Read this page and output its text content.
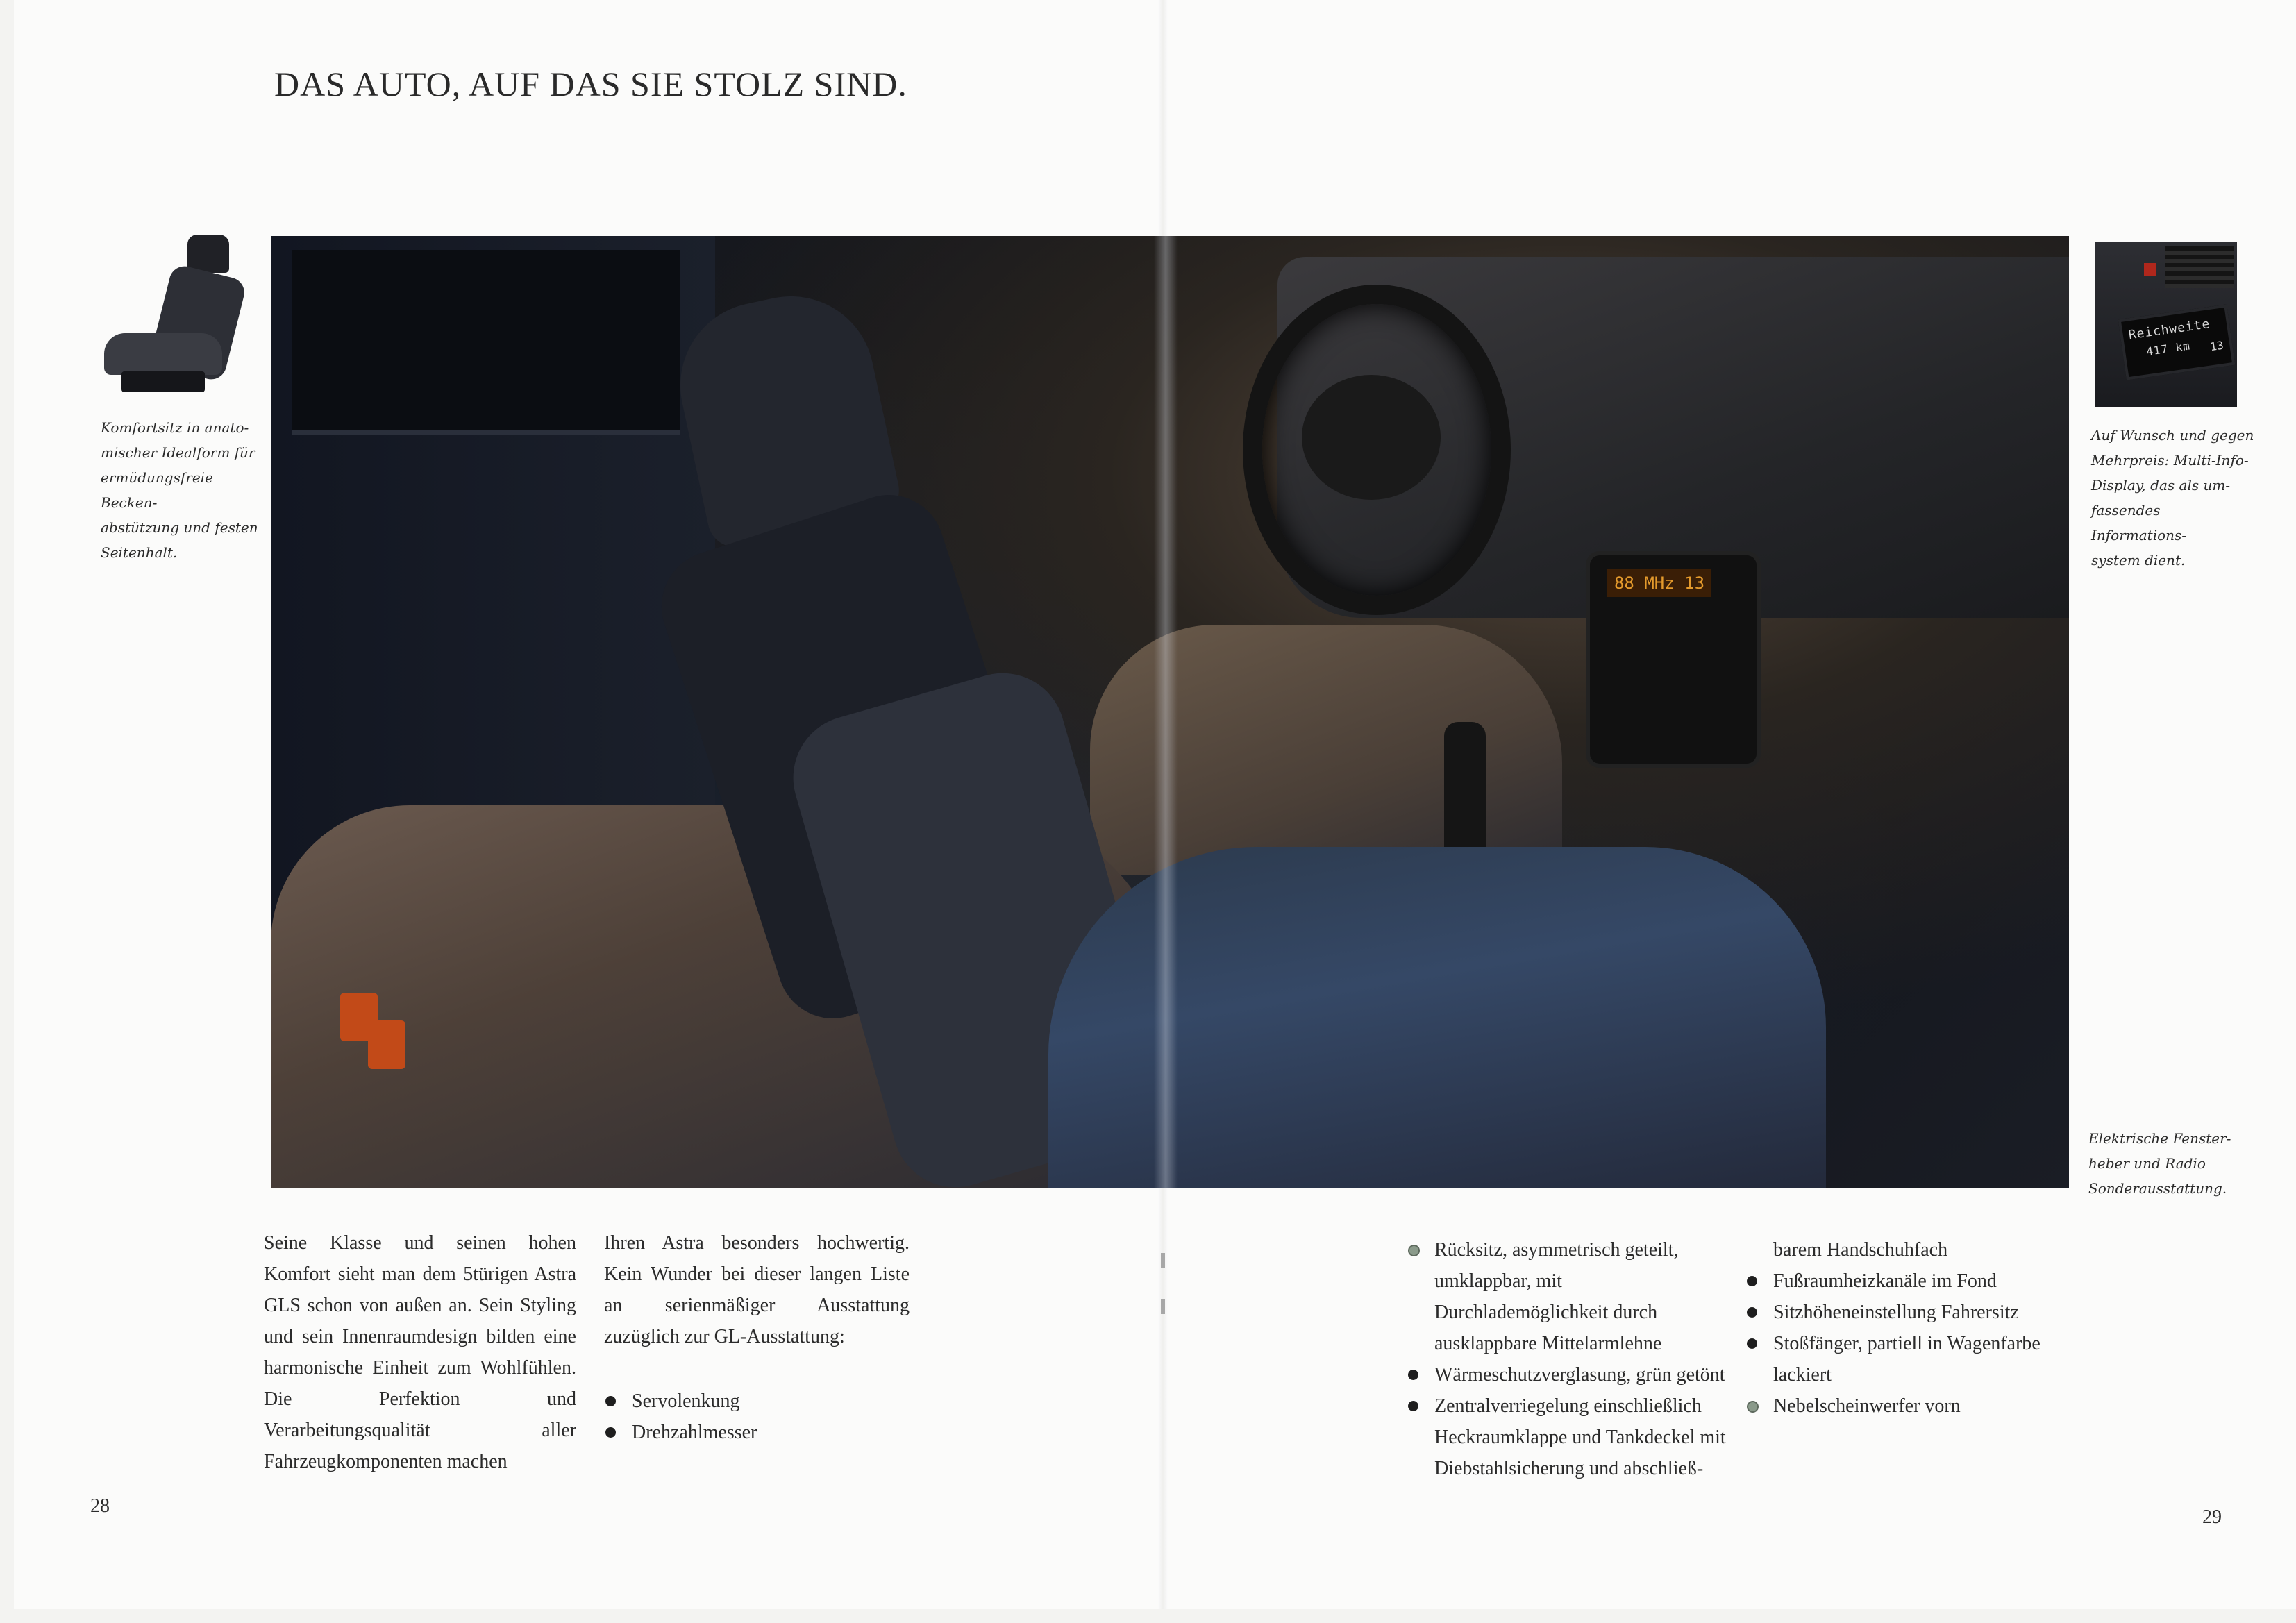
DAS AUTO, AUF DAS SIE STOLZ SIND.
Komfortsitz in anato-
mischer Idealform für
ermüdungsfreie Becken-
abstützung und festen
Seitenhalt.
88 MHz 13
Reichweite
417 km 13
Auf Wunsch und gegen
Mehrpreis: Multi-Info-
Display, das als um-
fassendes Informations-
system dient.
Elektrische Fenster-
heber und Radio
Sonderausstattung.
Seine Klasse und seinen hohen Komfort sieht man dem 5türigen Astra GLS schon von außen an. Sein Styling und sein Innenraumdesign bilden eine harmonische Einheit zum Wohlfühlen. Die Perfektion und Verarbeitungsqualität aller Fahrzeugkomponenten machen
Ihren Astra besonders hochwertig. Kein Wunder bei dieser langen Liste an serienmäßiger Ausstattung zuzüglich zur GL-Ausstattung:
Servolenkung
Drehzahlmesser
Rücksitz, asymmetrisch geteilt, umklappbar, mit Durchlademöglichkeit durch ausklappbare Mittelarmlehne
Wärmeschutzverglasung, grün getönt
Zentralverriegelung einschließlich Heckraumklappe und Tankdeckel mit Diebstahlsicherung und abschließ-
barem Handschuhfach
Fußraumheizkanäle im Fond
Sitzhöheneinstellung Fahrersitz
Stoßfänger, partiell in Wagenfarbe lackiert
Nebelscheinwerfer vorn
28
29
